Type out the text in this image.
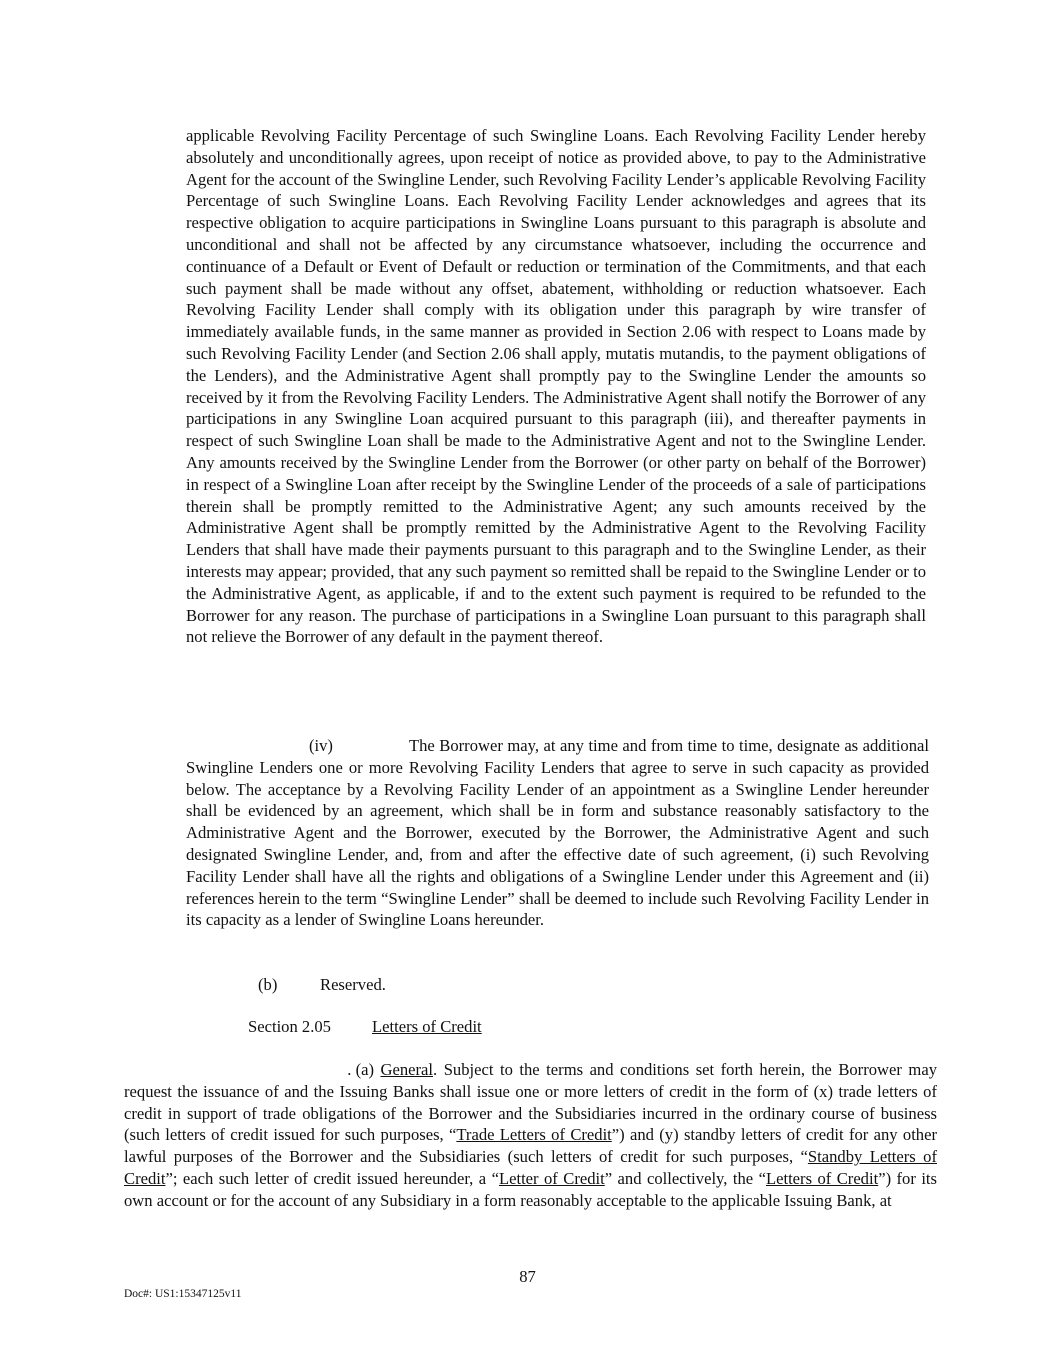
applicable Revolving Facility Percentage of such Swingline Loans. Each Revolving Facility Lender hereby absolutely and unconditionally agrees, upon receipt of notice as provided above, to pay to the Administrative Agent for the account of the Swingline Lender, such Revolving Facility Lender’s applicable Revolving Facility Percentage of such Swingline Loans. Each Revolving Facility Lender acknowledges and agrees that its respective obligation to acquire participations in Swingline Loans pursuant to this paragraph is absolute and unconditional and shall not be affected by any circumstance whatsoever, including the occurrence and continuance of a Default or Event of Default or reduction or termination of the Commitments, and that each such payment shall be made without any offset, abatement, withholding or reduction whatsoever. Each Revolving Facility Lender shall comply with its obligation under this paragraph by wire transfer of immediately available funds, in the same manner as provided in Section 2.06 with respect to Loans made by such Revolving Facility Lender (and Section 2.06 shall apply, mutatis mutandis, to the payment obligations of the Lenders), and the Administrative Agent shall promptly pay to the Swingline Lender the amounts so received by it from the Revolving Facility Lenders. The Administrative Agent shall notify the Borrower of any participations in any Swingline Loan acquired pursuant to this paragraph (iii), and thereafter payments in respect of such Swingline Loan shall be made to the Administrative Agent and not to the Swingline Lender. Any amounts received by the Swingline Lender from the Borrower (or other party on behalf of the Borrower) in respect of a Swingline Loan after receipt by the Swingline Lender of the proceeds of a sale of participations therein shall be promptly remitted to the Administrative Agent; any such amounts received by the Administrative Agent shall be promptly remitted by the Administrative Agent to the Revolving Facility Lenders that shall have made their payments pursuant to this paragraph and to the Swingline Lender, as their interests may appear; provided, that any such payment so remitted shall be repaid to the Swingline Lender or to the Administrative Agent, as applicable, if and to the extent such payment is required to be refunded to the Borrower for any reason. The purchase of participations in a Swingline Loan pursuant to this paragraph shall not relieve the Borrower of any default in the payment thereof.

(iv)	The Borrower may, at any time and from time to time, designate as additional Swingline Lenders one or more Revolving Facility Lenders that agree to serve in such capacity as provided below. The acceptance by a Revolving Facility Lender of an appointment as a Swingline Lender hereunder shall be evidenced by an agreement, which shall be in form and substance reasonably satisfactory to the Administrative Agent and the Borrower, executed by the Borrower, the Administrative Agent and such designated Swingline Lender, and, from and after the effective date of such agreement, (i) such Revolving Facility Lender shall have all the rights and obligations of a Swingline Lender under this Agreement and (ii) references herein to the term “Swingline Lender” shall be deemed to include such Revolving Facility Lender in its capacity as a lender of Swingline Loans hereunder.

(b)	Reserved.

Section 2.05 Letters of Credit

. (a) General. Subject to the terms and conditions set forth herein, the Borrower may request the issuance of and the Issuing Banks shall issue one or more letters of credit in the form of (x) trade letters of credit in support of trade obligations of the Borrower and the Subsidiaries incurred in the ordinary course of business (such letters of credit issued for such purposes, “Trade Letters of Credit”) and (y) standby letters of credit for any other lawful purposes of the Borrower and the Subsidiaries (such letters of credit for such purposes, “Standby Letters of Credit”; each such letter of credit issued hereunder, a “Letter of Credit” and collectively, the “Letters of Credit”) for its own account or for the account of any Subsidiary in a form reasonably acceptable to the applicable Issuing Bank, at

87
Doc#: US1:15347125v11
